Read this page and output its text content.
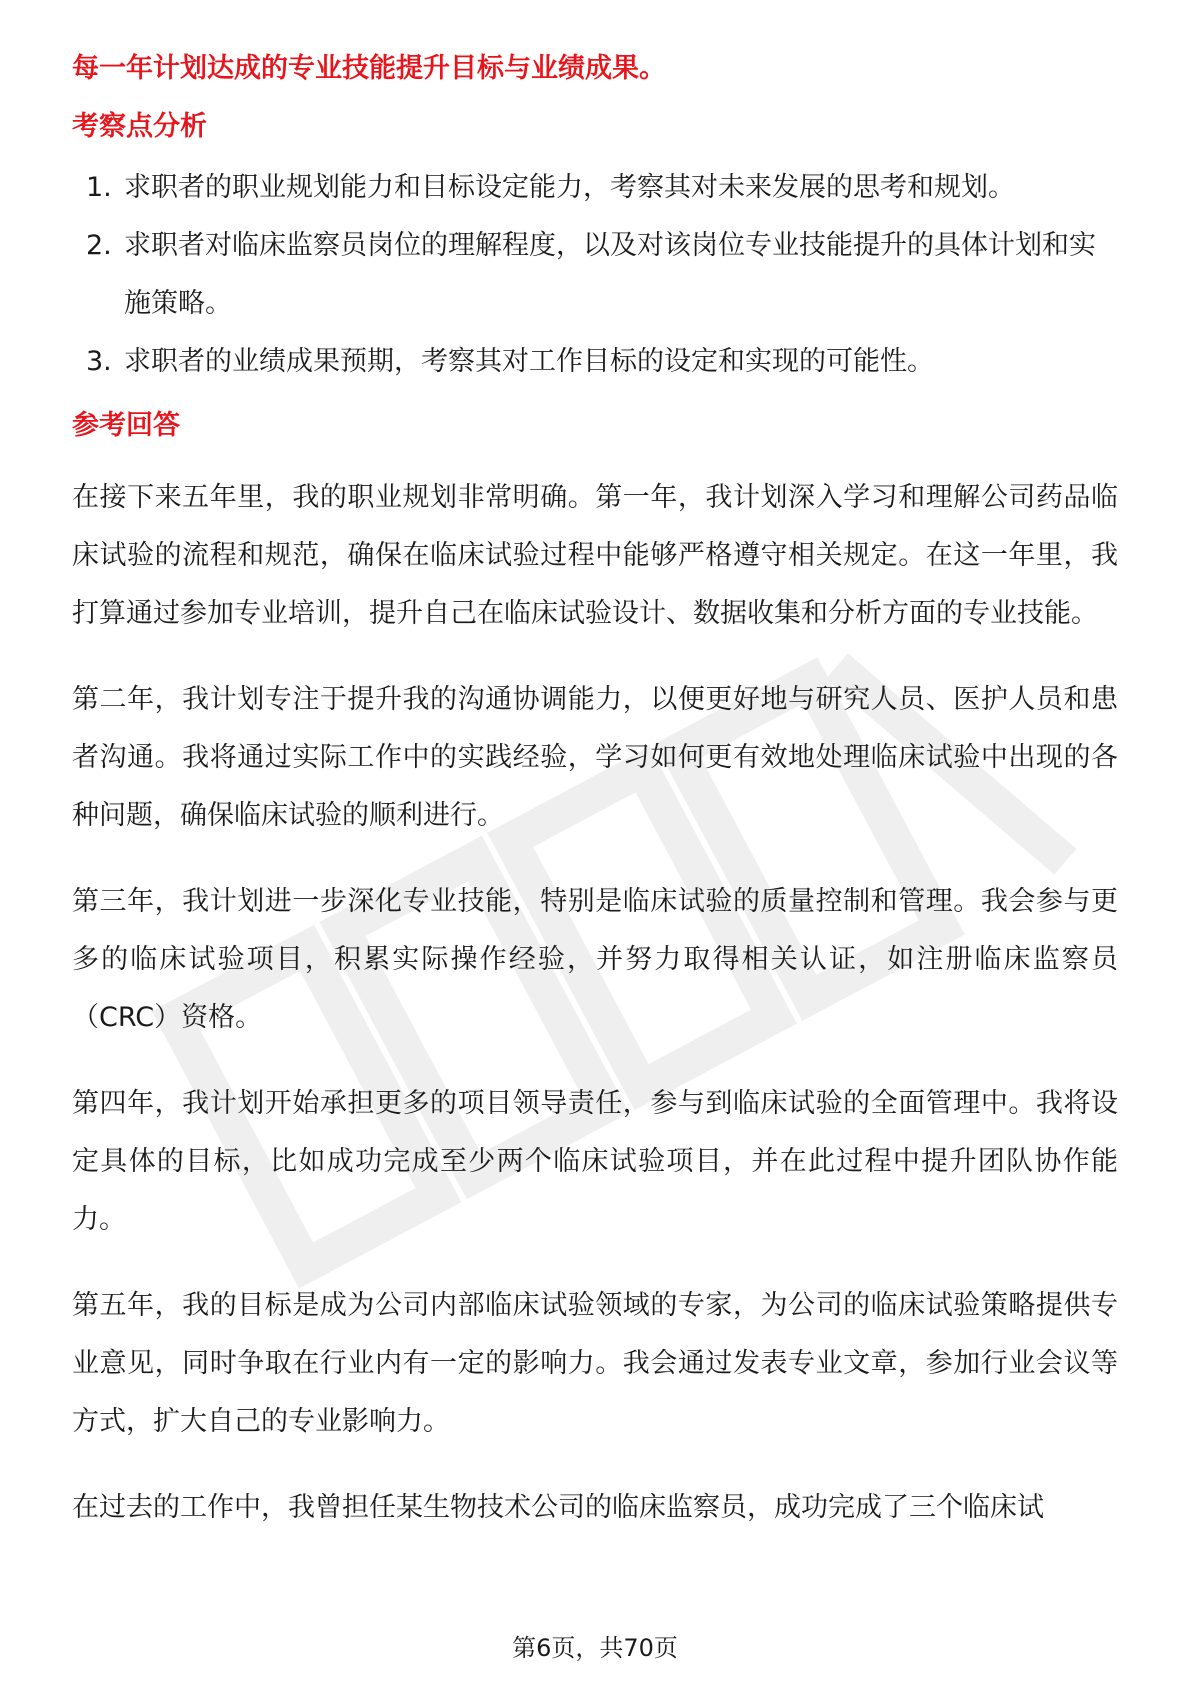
每一年计划达成的专业技能提升目标与业绩成果。

考察点分析

1. 求职者的职业规划能力和目标设定能力，考察其对未来发展的思考和规划。
2. 求职者对临床监察员岗位的理解程度，以及对该岗位专业技能提升的具体计划和实施策略。
3. 求职者的业绩成果预期，考察其对工作目标的设定和实现的可能性。

参考回答

在接下来五年里，我的职业规划非常明确。第一年，我计划深入学习和理解公司药品临床试验的流程和规范，确保在临床试验过程中能够严格遵守相关规定。在这一年里，我打算通过参加专业培训，提升自己在临床试验设计、数据收集和分析方面的专业技能。

第二年，我计划专注于提升我的沟通协调能力，以便更好地与研究人员、医护人员和患者沟通。我将通过实际工作中的实践经验，学习如何更有效地处理临床试验中出现的各种问题，确保临床试验的顺利进行。

第三年，我计划进一步深化专业技能，特别是临床试验的质量控制和管理。我会参与更多的临床试验项目，积累实际操作经验，并努力取得相关认证，如注册临床监察员（CRC）资格。

第四年，我计划开始承担更多的项目领导责任，参与到临床试验的全面管理中。我将设定具体的目标，比如成功完成至少两个临床试验项目，并在此过程中提升团队协作能力。

第五年，我的目标是成为公司内部临床试验领域的专家，为公司的临床试验策略提供专业意见，同时争取在行业内有一定的影响力。我会通过发表专业文章，参加行业会议等方式，扩大自己的专业影响力。

在过去的工作中，我曾担任某生物技术公司的临床监察员，成功完成了三个临床试

第6页，共70页
